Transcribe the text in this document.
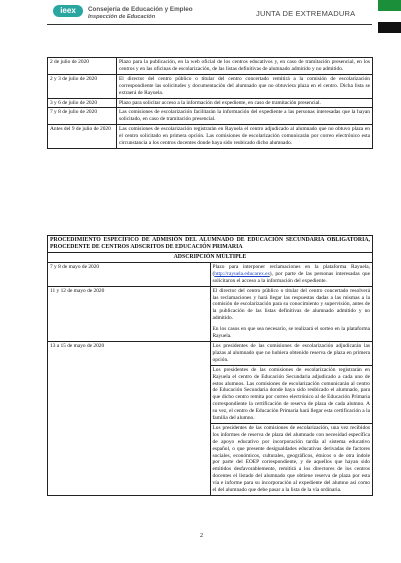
ieex	Consejería de Educación y Empleo
Inspección de Educación	JUNTA DE EXTREMADURA
2 de julio de 2020	Plazo para la publicación, en la web oficial de los centros educativos y, en caso de tramitación presencial, en los centros y en las oficinas de escolarización, de las listas definitivas de alumnado admitido y no admitido.
2 y 3 de julio de 2020	El director del centro público o titular del centro concertado remitirá a la comisión de escolarización correspondiente las solicitudes y documentación del alumnado que no obtuviera plaza en el centro. Dicha lista se extraerá de Rayuela.
3 y 6 de julio de 2020	Plazo para solicitar acceso a la información del expediente, en caso de tramitación presencial.
7 y 8 de julio de 2020	Las comisiones de escolarización facilitarán la información del expediente a las personas interesadas que la hayan solicitado, en caso de tramitación presencial.
Antes del 9 de julio de 2020	Las comisiones de escolarización registrarán en Rayuela el centro adjudicado al alumnado que no obtuvo plaza en el centro solicitado en primera opción. Las comisiones de escolarización comunicarán por correo electrónico esta circunstancia a los centros docentes donde haya sido reubicado dicho alumnado.
PROCEDIMIENTO ESPECÍFICO DE ADMISIÓN DEL ALUMNADO DE EDUCACIÓN SECUNDARIA OBLIGATORIA, PROCEDENTE DE CENTROS ADSCRITOS DE EDUCACIÓN PRIMARIA	
ADSCRIPCIÓN MÚLTIPLE	
7 y 8 de mayo de 2020	Plazo para interponer reclamaciones en la plataforma Rayuela, (http://rayuela.educarex.es), por parte de las personas interesadas que solicitaron el acceso a la información del expediente.
11 y 12 de mayo de 2020	El director del centro público o titular del centro concertado resolverá las reclamaciones y hará llegar las respuestas dadas a las mismas a la comisión de escolarización para su conocimiento y supervisión, antes de la publicación de las listas definitivas de alumnado admitido y no admitido.

En los casos en que sea necesario, se realizará el sorteo en la plataforma Rayuela.

13 a 15 de mayo de 2020	Los presidentes de las comisiones de escolarización adjudicarán las plazas al alumnado que no hubiera obtenido reserva de plaza en primera opción.
	Los presidentes de las comisiones de escolarización registrarán en Rayuela el centro de Educación Secundaria adjudicado a cada uno de estos alumnos. Las comisiones de escolarización comunicarán al centro de Educación Secundaria donde haya sido reubicado el alumnado, para que dicho centro remita por correo electrónico al de Educación Primaria correspondiente la certificación de reserva de plaza de cada alumno. A su vez, el centro de Educación Primaria hará llegar esta certificación a la familia del alumno.
	Los presidentes de las comisiones de escolarización, una vez recibidos los informes de reserva de plaza del alumnado con necesidad específica de apoyo educativo por incorporación tardía al sistema educativo español, o que presente desigualdades educativas derivadas de factores sociales, económicos, culturales, geográficos, étnicos o de otra índole por parte del EOEP correspondiente, y de aquellos que hayan sido emitidos desfavorablemente, remitirá a los directores de los centros docentes el listado del alumnado que obtiene reserva de plaza por esta vía e informe para su incorporación al expediente del alumno así como el del alumnado que debe pasar a la lista de la vía ordinaria.
2
